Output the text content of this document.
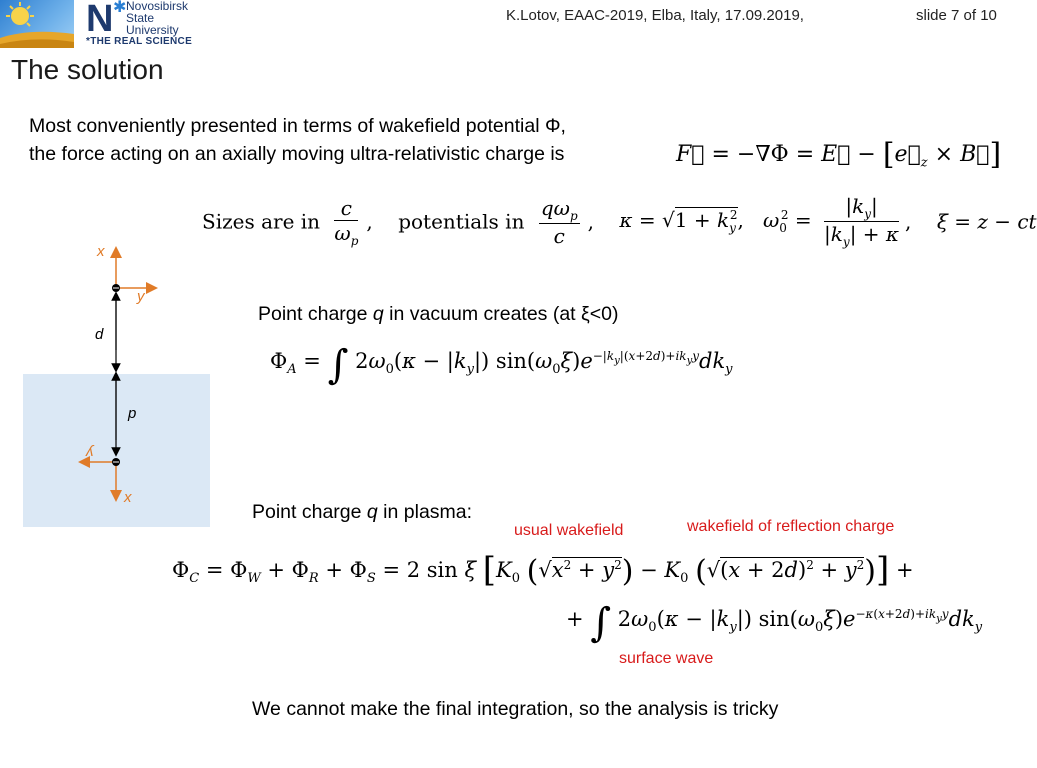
N ✱ Novosibirsk
State
University
*THE REAL SCIENCE
K.Lotov, EAAC-2019, Elba, Italy, 17.09.2019,	slide 7 of 10
The solution
Most conveniently presented in terms of wakefield potential Φ,
the force acting on an axially moving ultra-relativistic charge is	F⃗ = −∇Φ = E⃗ − [$e⃗_z$ × B⃗]
Sizes are in $\frac{c}{\omega_p}$ ,    potentials in
$q\omega_p$
c
,    $\kappa = √1 + k_y^2$,   $\omega_0^2 = \frac{|k_y|}{|k_y| + \kappa}$ ,    ξ = z − ct
x
y
d
p
y
x
Point charge q in vacuum creates (at ξ<0)
$\Phi_A$ = ∫ $2\omega_0(\kappa - |k_y|)$ $\sin(\omega_0\xi)e^{-|k_y|(x+2d)+ik_yy}dk_y$
Point charge q in plasma:
usual wakefield	wakefield of reflection charge
$\Phi_C = \Phi_W + \Phi_R + \Phi_S = 2$ sin ξ [$K_0$ $(√x^2 + y^2) - K_0$ $(√(x + 2d)^2 + y^2)$] +
+ ∫ $2\omega_0(\kappa - |k_y|)$ $\sin(\omega_0\xi)e^{-\kappa(x+2d)+ik_yy}dk_y$
surface wave
We cannot make the final integration, so the analysis is tricky
